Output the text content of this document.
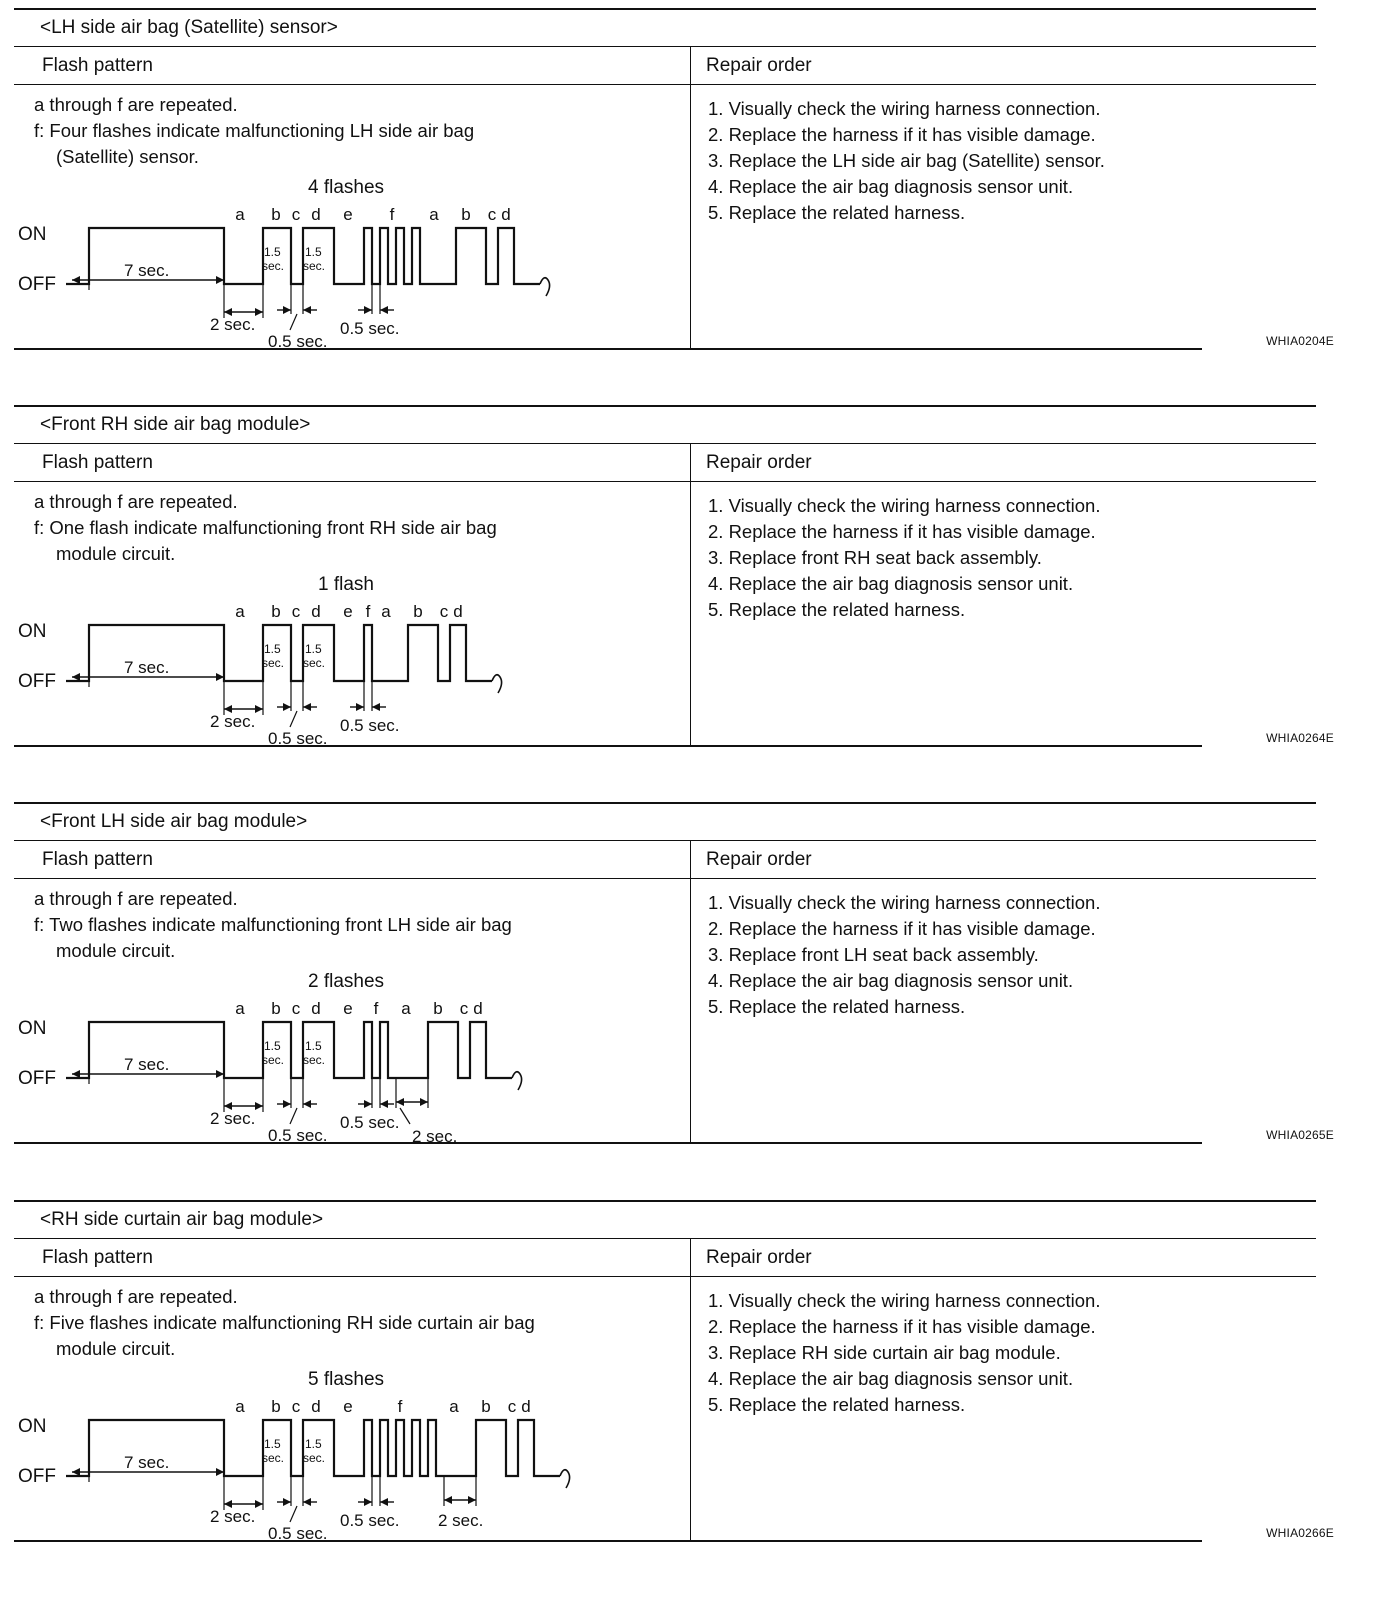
<LH side air bag (Satellite) sensor>
Flash pattern	Repair order
a through f are repeated.
f: Four flashes indicate malfunctioning LH side air bag
(Satellite) sensor.
4 flashes
a b c d e f a b c d
ON
OFF
7 sec.
1.5
sec.
1.5
sec.
2 sec.
0.5 sec.
0.5 sec.
1. Visually check the wiring harness connection.
2. Replace the harness if it has visible damage.
3. Replace the LH side air bag (Satellite) sensor.
4. Replace the air bag diagnosis sensor unit.
5. Replace the related harness.
WHIA0204E
<Front RH side air bag module>
Flash pattern	Repair order
a through f are repeated.
f: One flash indicate malfunctioning front RH side air bag
module circuit.
1 flash
a b c d e f a b c d
ON
OFF
7 sec.
1.5
sec.
1.5
sec.
2 sec.
0.5 sec.
0.5 sec.
1. Visually check the wiring harness connection.
2. Replace the harness if it has visible damage.
3. Replace front RH seat back assembly.
4. Replace the air bag diagnosis sensor unit.
5. Replace the related harness.
WHIA0264E
<Front LH side air bag module>
Flash pattern	Repair order
a through f are repeated.
f: Two flashes indicate malfunctioning front LH side air bag
module circuit.
2 flashes
a b c d e f a b c d
ON
OFF
7 sec.
1.5
sec.
1.5
sec.
2 sec.
0.5 sec.
0.5 sec.
2 sec.
1. Visually check the wiring harness connection.
2. Replace the harness if it has visible damage.
3. Replace front LH seat back assembly.
4. Replace the air bag diagnosis sensor unit.
5. Replace the related harness.
WHIA0265E
<RH side curtain air bag module>
Flash pattern	Repair order
a through f are repeated.
f: Five flashes indicate malfunctioning RH side curtain air bag
module circuit.
5 flashes
a b c d e	f	a b c d
ON
OFF
7 sec.
1.5
sec.
1.5
sec.
2 sec.
0.5 sec.
0.5 sec. 2 sec.
1. Visually check the wiring harness connection.
2. Replace the harness if it has visible damage.
3. Replace RH side curtain air bag module.
4. Replace the air bag diagnosis sensor unit.
5. Replace the related harness.
WHIA0266E
